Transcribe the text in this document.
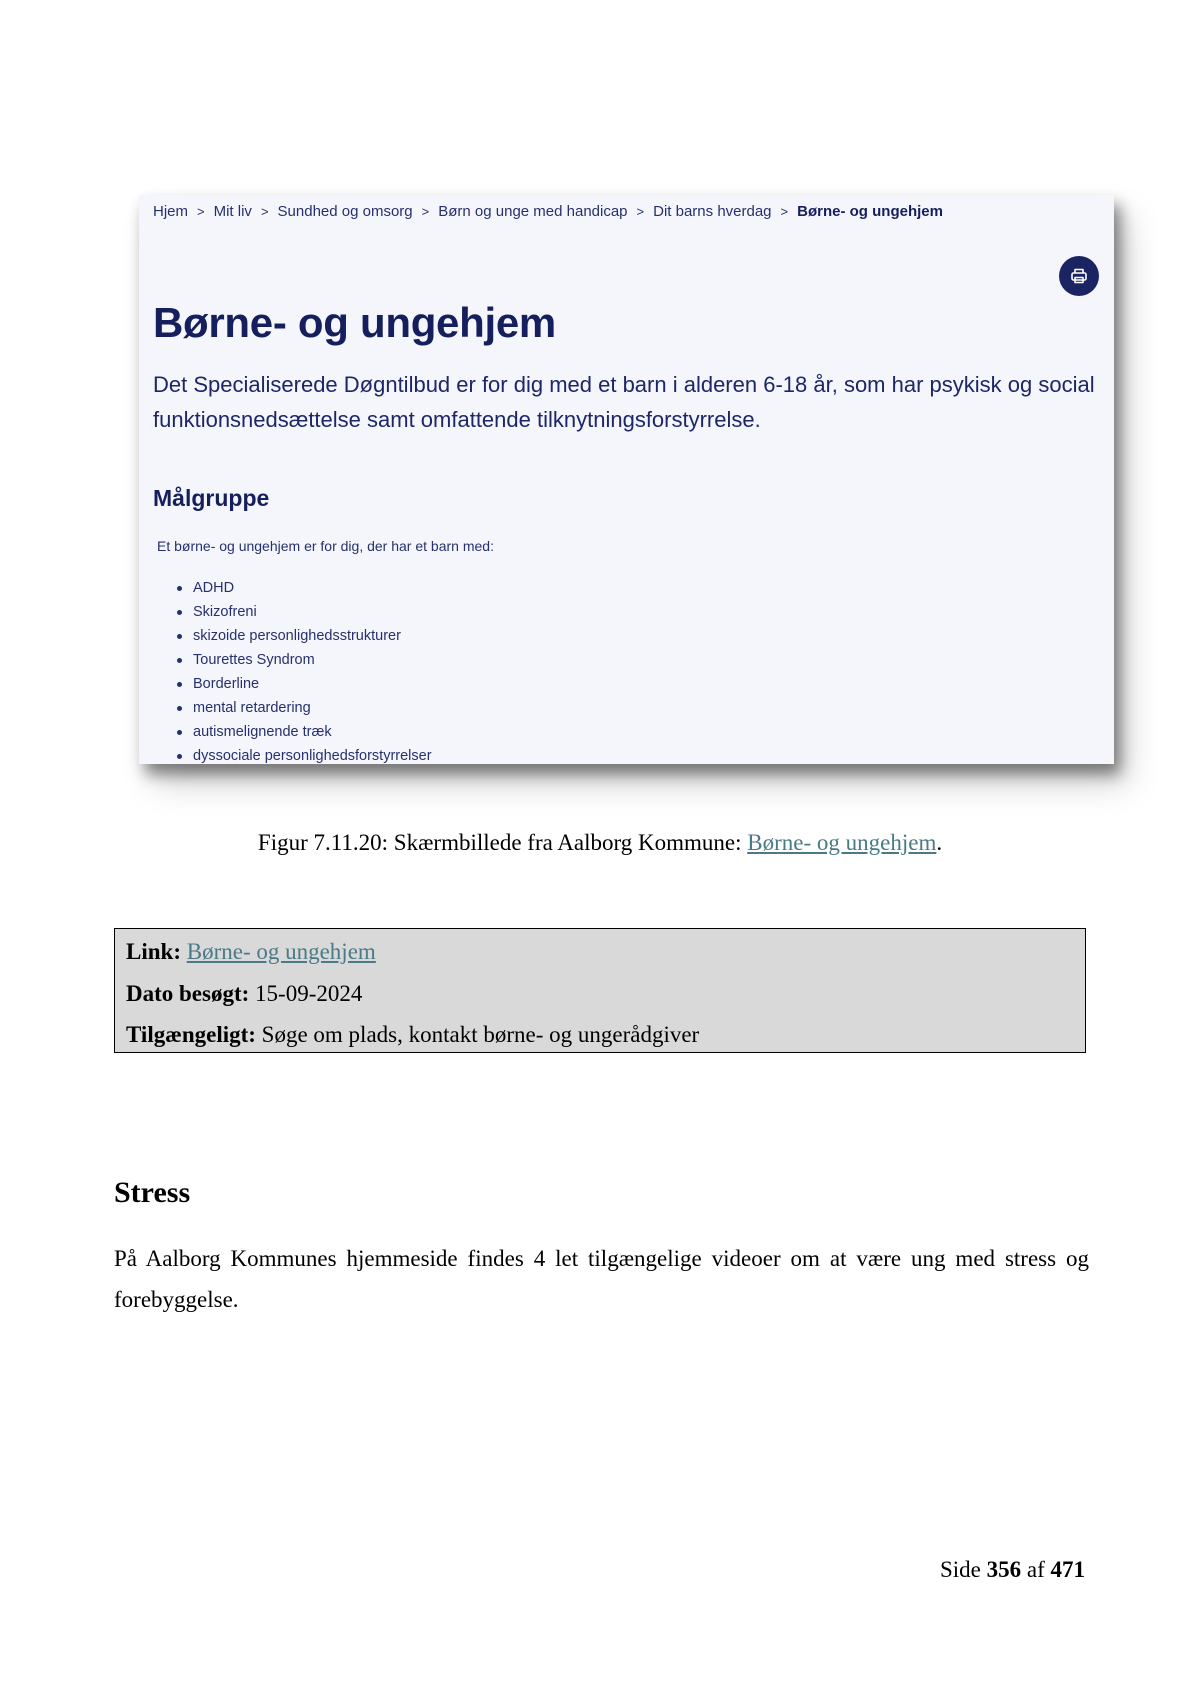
Hjem > Mit liv > Sundhed og omsorg > Børn og unge med handicap > Dit barns hverdag > Børne- og ungehjem
Børne- og ungehjem

Det Specialiserede Døgntilbud er for dig med et barn i alderen 6-18 år, som har psykisk og social funktionsnedsættelse samt omfattende tilknytningsforstyrrelse.

Målgruppe

Et børne- og ungehjem er for dig, der har et barn med:

ADHD
Skizofreni
skizoide personlighedsstrukturer
Tourettes Syndrom
Borderline
mental retardering
autismelignende træk
dyssociale personlighedsforstyrrelser

Figur 7.11.20: Skærmbillede fra Aalborg Kommune: Børne- og ungehjem.

Link: Børne- og ungehjem

Dato besøgt: 15-09-2024

Tilgængeligt: Søge om plads, kontakt børne- og ungerådgiver

Stress

På Aalborg Kommunes hjemmeside findes 4 let tilgængelige videoer om at være ung med stress og forebyggelse.

Side 356 af 471
